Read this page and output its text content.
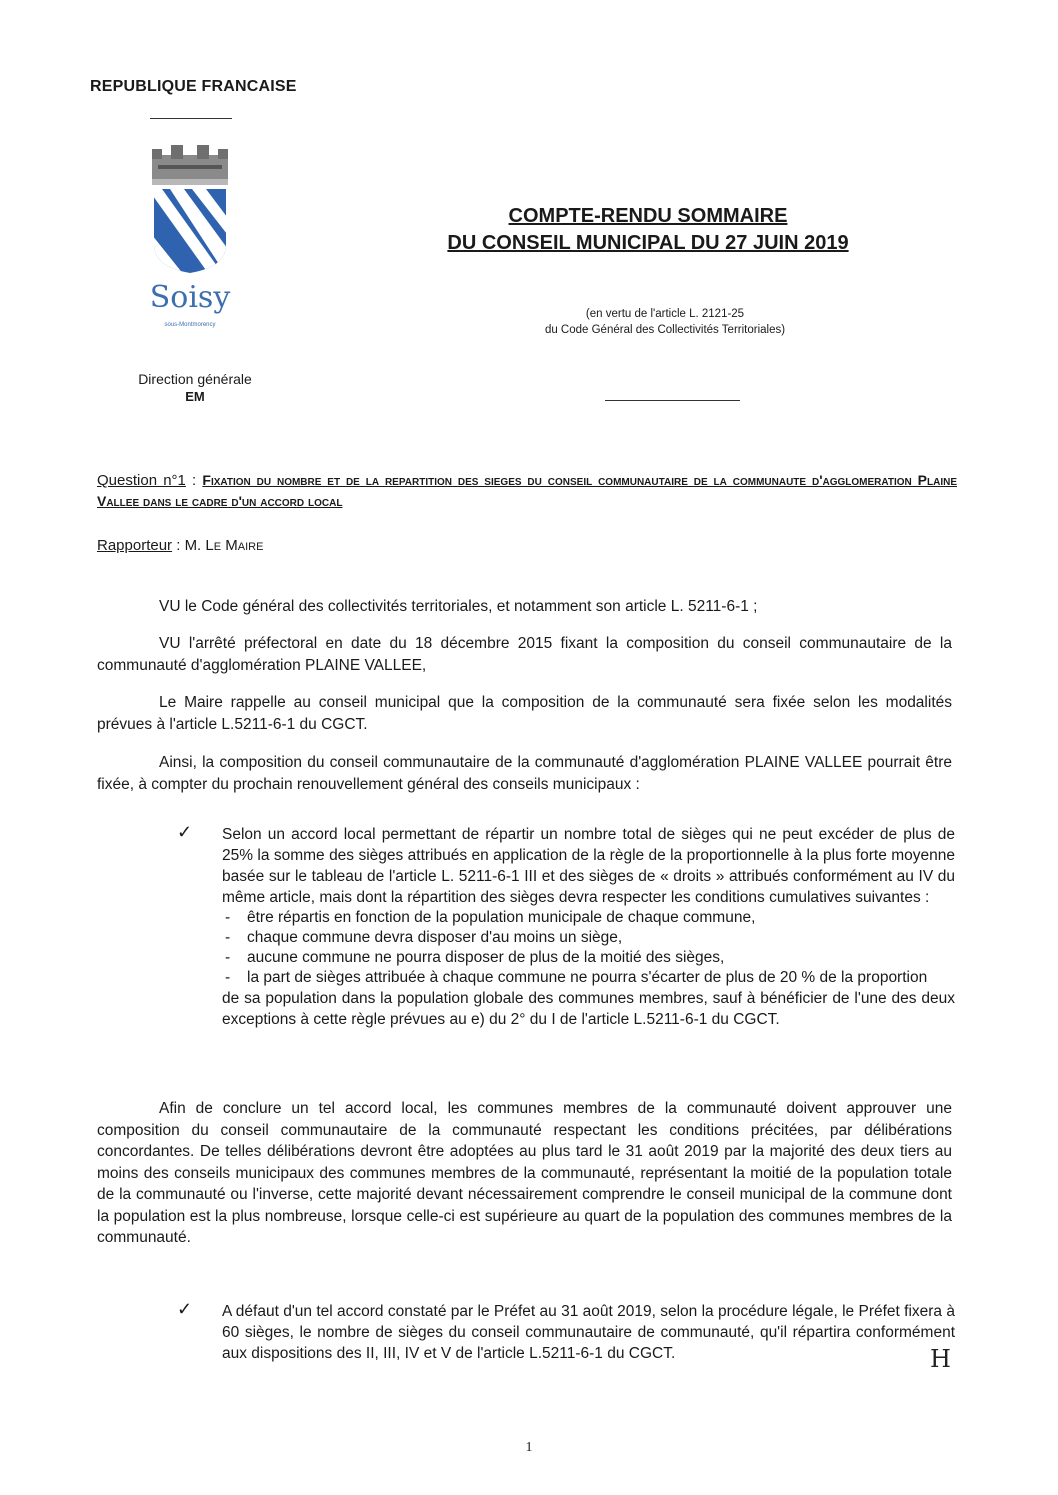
REPUBLIQUE FRANCAISE
Soisy
sous-Montmorency
Direction générale
EM
COMPTE-RENDU SOMMAIRE
DU CONSEIL MUNICIPAL DU 27 JUIN 2019
(en vertu de l'article L. 2121-25
du Code Général des Collectivités Territoriales)
Question n°1 : Fixation du nombre et de la repartition des sieges du conseil communautaire de la communaute d'agglomeration Plaine Vallee dans le cadre d'un accord local
Rapporteur : M. Le Maire
VU le Code général des collectivités territoriales, et notamment son article L. 5211-6-1 ;
VU l'arrêté préfectoral en date du 18 décembre 2015 fixant la composition du conseil communautaire de la communauté d'agglomération PLAINE VALLEE,
Le Maire rappelle au conseil municipal que la composition de la communauté sera fixée selon les modalités prévues à l'article L.5211-6-1 du CGCT.
Ainsi, la composition du conseil communautaire de la communauté d'agglomération PLAINE VALLEE pourrait être fixée, à compter du prochain renouvellement général des conseils municipaux :
✓ Selon un accord local permettant de répartir un nombre total de sièges qui ne peut excéder de plus de 25% la somme des sièges attribués en application de la règle de la proportionnelle à la plus forte moyenne basée sur le tableau de l'article L. 5211-6-1 III et des sièges de « droits » attribués conformément au IV du même article, mais dont la répartition des sièges devra respecter les conditions cumulatives suivantes :
- être répartis en fonction de la population municipale de chaque commune,
- chaque commune devra disposer d'au moins un siège,
- aucune commune ne pourra disposer de plus de la moitié des sièges,
- la part de sièges attribuée à chaque commune ne pourra s'écarter de plus de 20 % de la proportion
de sa population dans la population globale des communes membres, sauf à bénéficier de l'une des deux exceptions à cette règle prévues au e) du 2° du I de l'article L.5211-6-1 du CGCT.
Afin de conclure un tel accord local, les communes membres de la communauté doivent approuver une composition du conseil communautaire de la communauté respectant les conditions précitées, par délibérations concordantes. De telles délibérations devront être adoptées au plus tard le 31 août 2019 par la majorité des deux tiers au moins des conseils municipaux des communes membres de la communauté, représentant la moitié de la population totale de la communauté ou l'inverse, cette majorité devant nécessairement comprendre le conseil municipal de la commune dont la population est la plus nombreuse, lorsque celle-ci est supérieure au quart de la population des communes membres de la communauté.
✓ A défaut d'un tel accord constaté par le Préfet au 31 août 2019, selon la procédure légale, le Préfet fixera à 60 sièges, le nombre de sièges du conseil communautaire de communauté, qu'il répartira conformément aux dispositions des II, III, IV et V de l'article L.5211-6-1 du CGCT.	H
1
